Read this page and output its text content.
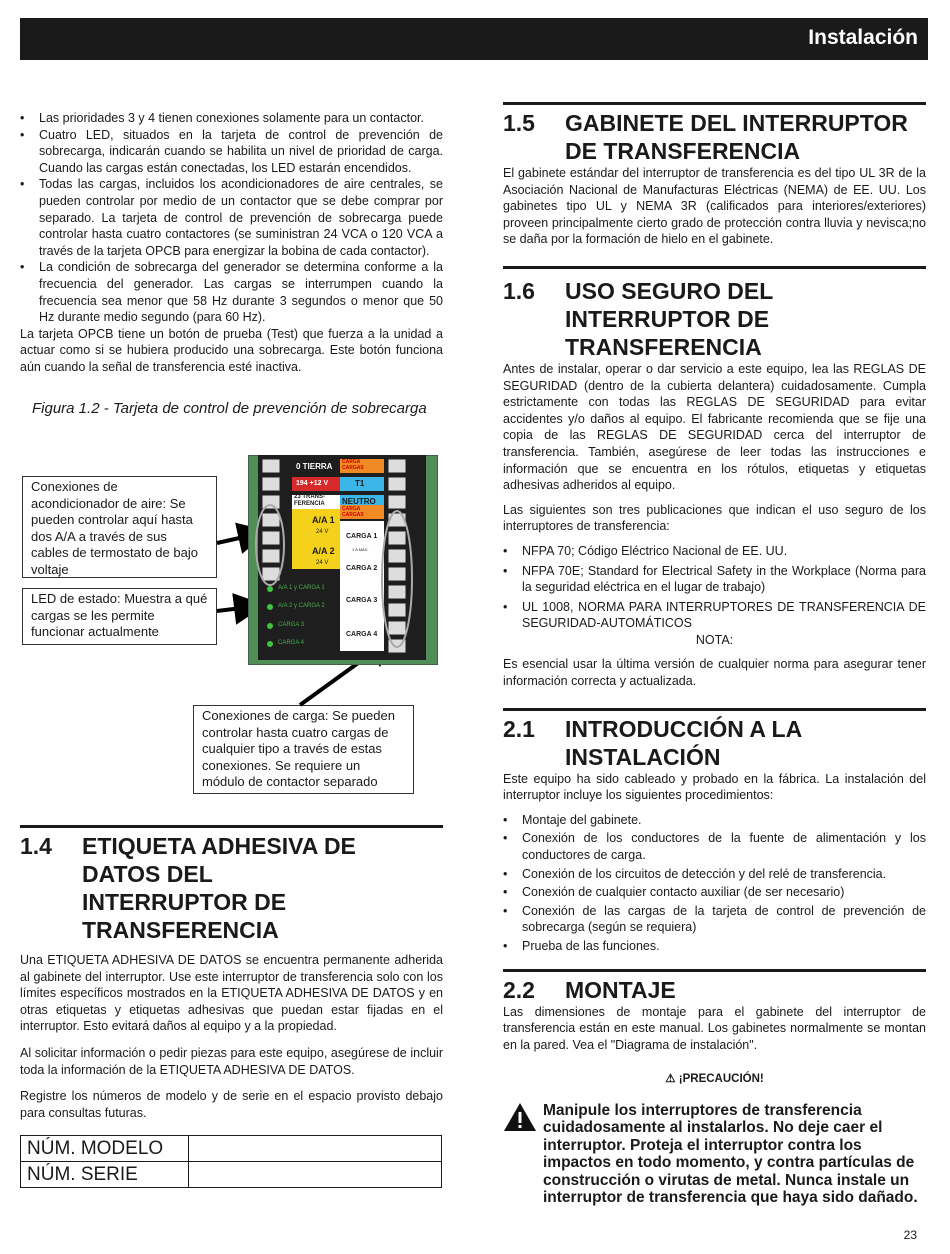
Instalación
• Las prioridades 3 y 4 tienen conexiones solamente para un contactor.
• Cuatro LED, situados en la tarjeta de control de prevención de sobrecarga, indicarán cuando se habilita un nivel de prioridad de carga. Cuando las cargas están conectadas, los LED estarán encendidos.
• Todas las cargas, incluidos los acondicionadores de aire centrales, se pueden controlar por medio de un contactor que se debe comprar por separado. La tarjeta de control de prevención de sobrecarga puede controlar hasta cuatro contactores (se suministran 24 VCA o 120 VCA a través de la tarjeta OPCB para energizar la bobina de cada contactor).
• La condición de sobrecarga del generador se determina conforme a la frecuencia del generador. Las cargas se interrumpen cuando la frecuencia sea menor que 58 Hz durante 3 segundos o menor que 50 Hz durante medio segundo (para 60 Hz).

La tarjeta OPCB tiene un botón de prueba (Test) que fuerza a la unidad a actuar como si se hubiera producido una sobrecarga. Este botón funciona aún cuando la señal de transferencia esté inactiva.

Figura 1.2 - Tarjeta de control de prevención de sobrecarga
Conexiones de acondicionador de aire: Se pueden controlar aquí hasta dos A/A a través de sus cables de termostato de bajo voltaje
LED de estado: Muestra a qué cargas se les permite funcionar actualmente
Conexiones de carga: Se pueden controlar hasta cuatro cargas de cualquier tipo a través de estas conexiones. Se requiere un módulo de contactor separado
0 TIERRA
194 +12 V
23 TRANS-FERENCIA
A/A 1
24 V
A/A 2
24 V
CARGA CARGAS
T1
NEUTRO
CARGA CARGAS
CARGA 1
CARGA 2
CARGA 3
CARGA 4
1 A MÁX.
A/A 1 y CARGA 1
A/A 2 y CARGA 2
CARGA 3
CARGA 4
1.4	ETIQUETA ADHESIVA DE DATOS DEL INTERRUPTOR DE TRANSFERENCIA

Una ETIQUETA ADHESIVA DE DATOS se encuentra permanente adherida al gabinete del interruptor. Use este interruptor de transferencia solo con los límites específicos mostrados en la ETIQUETA ADHESIVA DE DATOS y en otras etiquetas y etiquetas adhesivas que puedan estar fijadas en el interruptor. Esto evitará daños al equipo y a la propiedad.

Al solicitar información o pedir piezas para este equipo, asegúrese de incluir toda la información de la ETIQUETA ADHESIVA DE DATOS.

Registre los números de modelo y de serie en el espacio provisto debajo para consultas futuras.

NÚM. MODELO	
NÚM. SERIE	
1.5	GABINETE DEL INTERRUPTOR DE TRANSFERENCIA

El gabinete estándar del interruptor de transferencia es del tipo UL 3R de la Asociación Nacional de Manufacturas Eléctricas (NEMA) de EE. UU. Los gabinetes tipo UL y NEMA 3R (calificados para interiores/exteriores) proveen principalmente cierto grado de protección contra lluvia y nevisca;no se daña por la formación de hielo en el gabinete.

1.6	USO SEGURO DEL INTERRUPTOR DE TRANSFERENCIA

Antes de instalar, operar o dar servicio a este equipo, lea las REGLAS DE SEGURIDAD (dentro de la cubierta delantera) cuidadosamente. Cumpla estrictamente con todas las REGLAS DE SEGURIDAD para evitar accidentes y/o daños al equipo. El fabricante recomienda que se fije una copia de las REGLAS DE SEGURIDAD cerca del interruptor de transferencia. También, asegúrese de leer todas las instrucciones e información que se encuentra en los rótulos, etiquetas y etiquetas adhesivas adheridos al equipo.

Las siguientes son tres publicaciones que indican el uso seguro de los interruptores de transferencia:

• NFPA 70; Código Eléctrico Nacional de EE. UU.
• NFPA 70E; Standard for Electrical Safety in the Workplace (Norma para la seguridad eléctrica en el lugar de trabajo)
• UL 1008, NORMA PARA INTERRUPTORES DE TRANSFERENCIA DE SEGURIDAD-AUTOMÁTICOS
NOTA:

Es esencial usar la última versión de cualquier norma para asegurar tener información correcta y actualizada.

2.1	INTRODUCCIÓN A LA INSTALACIÓN

Este equipo ha sido cableado y probado en la fábrica. La instalación del interruptor incluye los siguientes procedimientos:

• Montaje del gabinete.
• Conexión de los conductores de la fuente de alimentación y los conductores de carga.
• Conexión de los circuitos de detección y del relé de transferencia.
• Conexión de cualquier contacto auxiliar (de ser necesario)
• Conexión de las cargas de la tarjeta de control de prevención de sobrecarga (según se requiera)
• Prueba de las funciones.
2.2	MONTAJE

Las dimensiones de montaje para el gabinete del interruptor de transferencia están en este manual. Los gabinetes normalmente se montan en la pared. Vea el "Diagrama de instalación".

⚠ ¡PRECAUCIÓN!
Manipule los interruptores de transferencia cuidadosamente al instalarlos. No deje caer el interruptor. Proteja el interruptor contra los impactos en todo momento, y contra partículas de construcción o virutas de metal. Nunca instale un interruptor de transferencia que haya sido dañado.
23
